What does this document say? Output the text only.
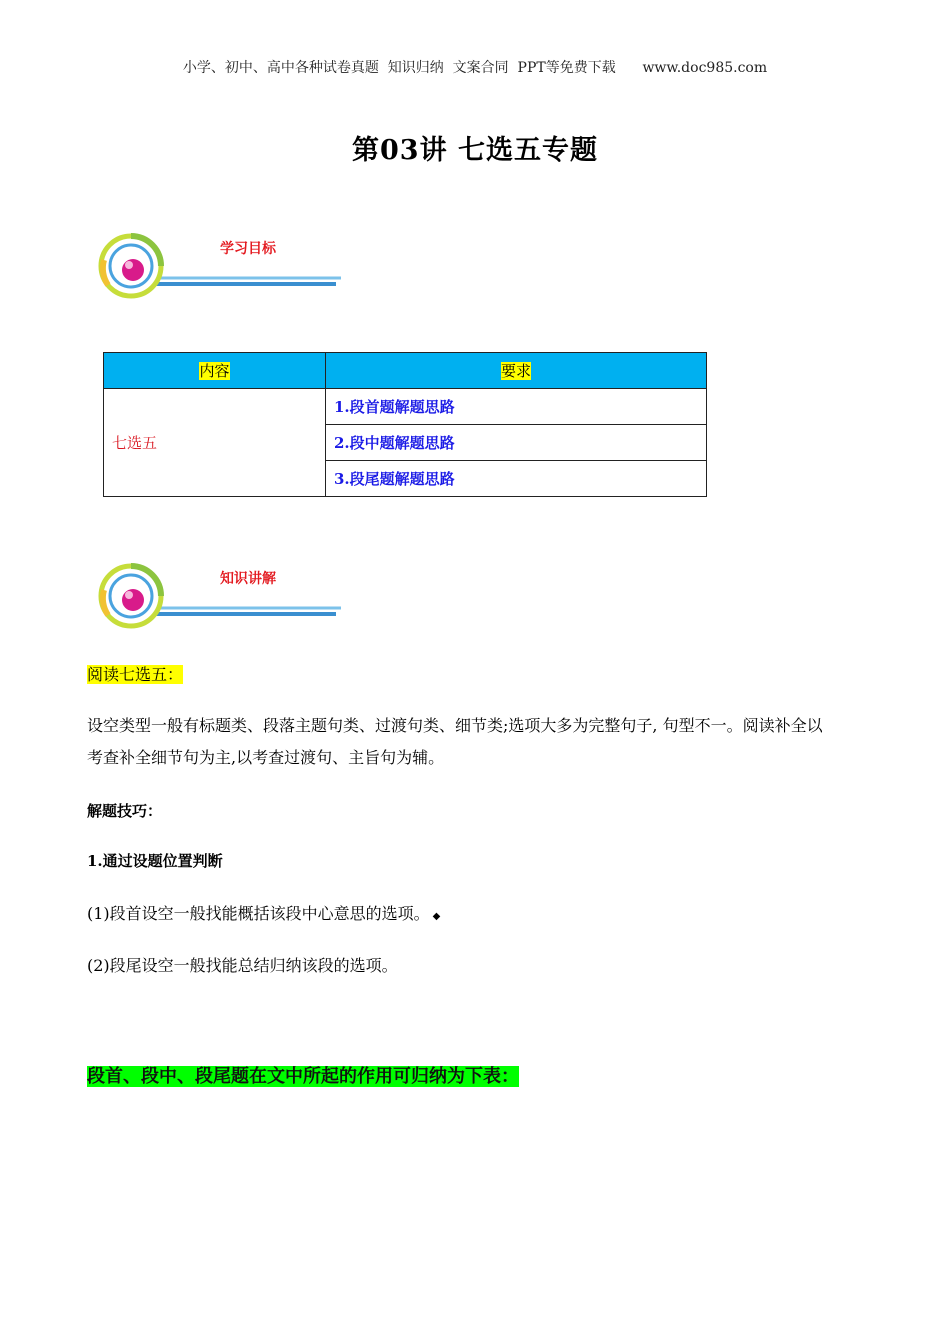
小学、初中、高中各种试卷真题  知识归纳  文案合同  PPT等免费下载      www.doc985.com
第03讲 七选五专题
学习目标
内容	要求
七选五	1.段首题解题思路
	2.段中题解题思路
	3.段尾题解题思路
知识讲解
阅读七选五：
设空类型一般有标题类、段落主题句类、过渡句类、细节类;选项大多为完整句子, 句型不一。阅读补全以
考查补全细节句为主,以考查过渡句、主旨句为辅。
解题技巧：
1.通过设题位置判断
(1)段首设空一般找能概括该段中心意思的选项。 ◆
(2)段尾设空一般找能总结归纳该段的选项。
段首、段中、段尾题在文中所起的作用可归纳为下表：
